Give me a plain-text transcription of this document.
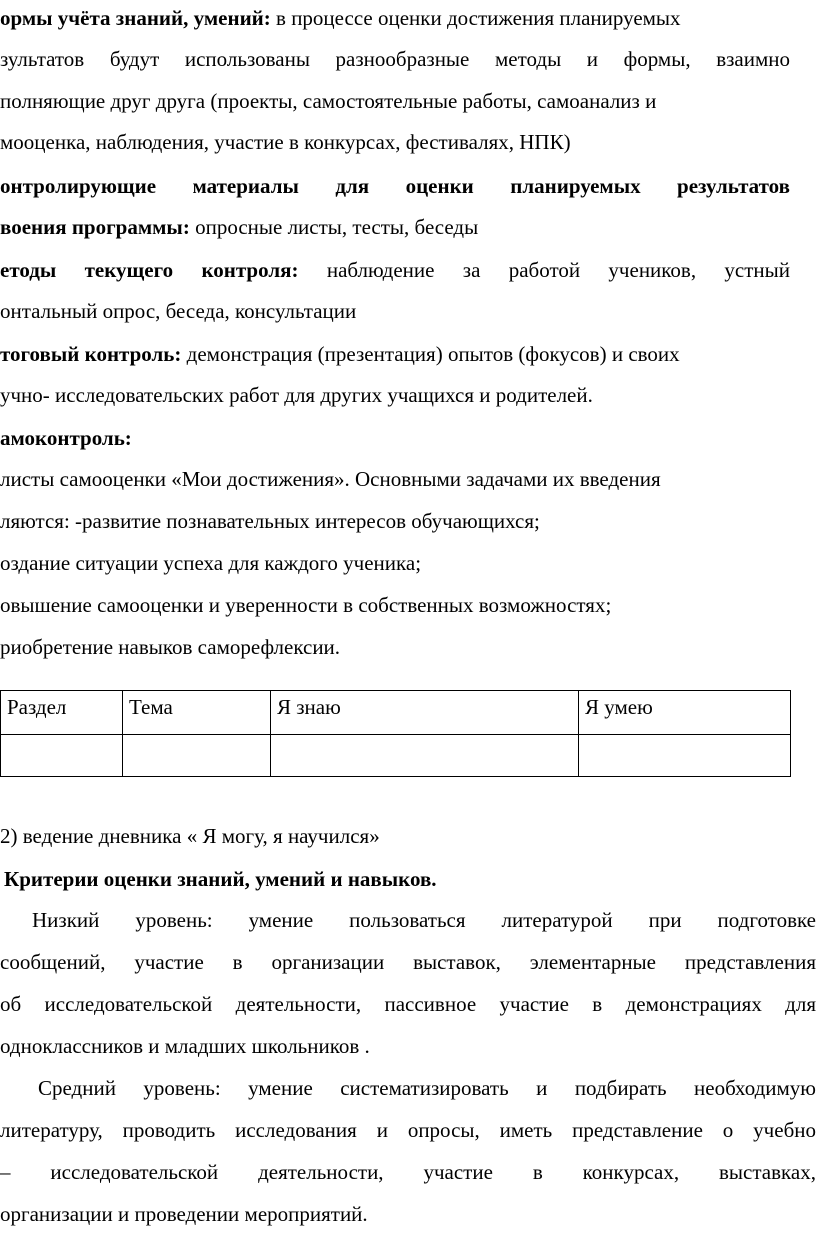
ормы учёта знаний, умений: в процессе оценки достижения планируемых
зультатов будут использованы разнообразные методы и формы, взаимно
полняющие друг друга (проекты, самостоятельные работы, самоанализ и
мооценка, наблюдения, участие в конкурсах, фестивалях, НПК)
онтролирующие материалы для оценки планируемых результатов
воения программы: опросные листы, тесты, беседы
етоды текущего контроля: наблюдение за работой учеников, устный
онтальный опрос, беседа, консультации
тоговый контроль: демонстрация (презентация) опытов (фокусов) и своих
учно- исследовательских работ для других учащихся и родителей.
амоконтроль:
листы самооценки «Мои достижения». Основными задачами их введения
ляются: -развитие познавательных интересов обучающихся;
оздание ситуации успеха для каждого ученика;
овышение самооценки и уверенности в собственных возможностях;
риобретение навыков саморефлексии.
Раздел	Тема	Я знаю	Я умею

2) ведение дневника « Я могу, я научился»
Критерии оценки знаний, умений и навыков.
Низкий уровень: умение пользоваться литературой при подготовке
сообщений, участие в организации выставок, элементарные представления
об исследовательской деятельности, пассивное участие в демонстрациях для
одноклассников и младших школьников .
Средний уровень: умение систематизировать и подбирать необходимую
литературу, проводить исследования и опросы, иметь представление о учебно
– исследовательской деятельности, участие в конкурсах, выставках,
организации и проведении мероприятий.
